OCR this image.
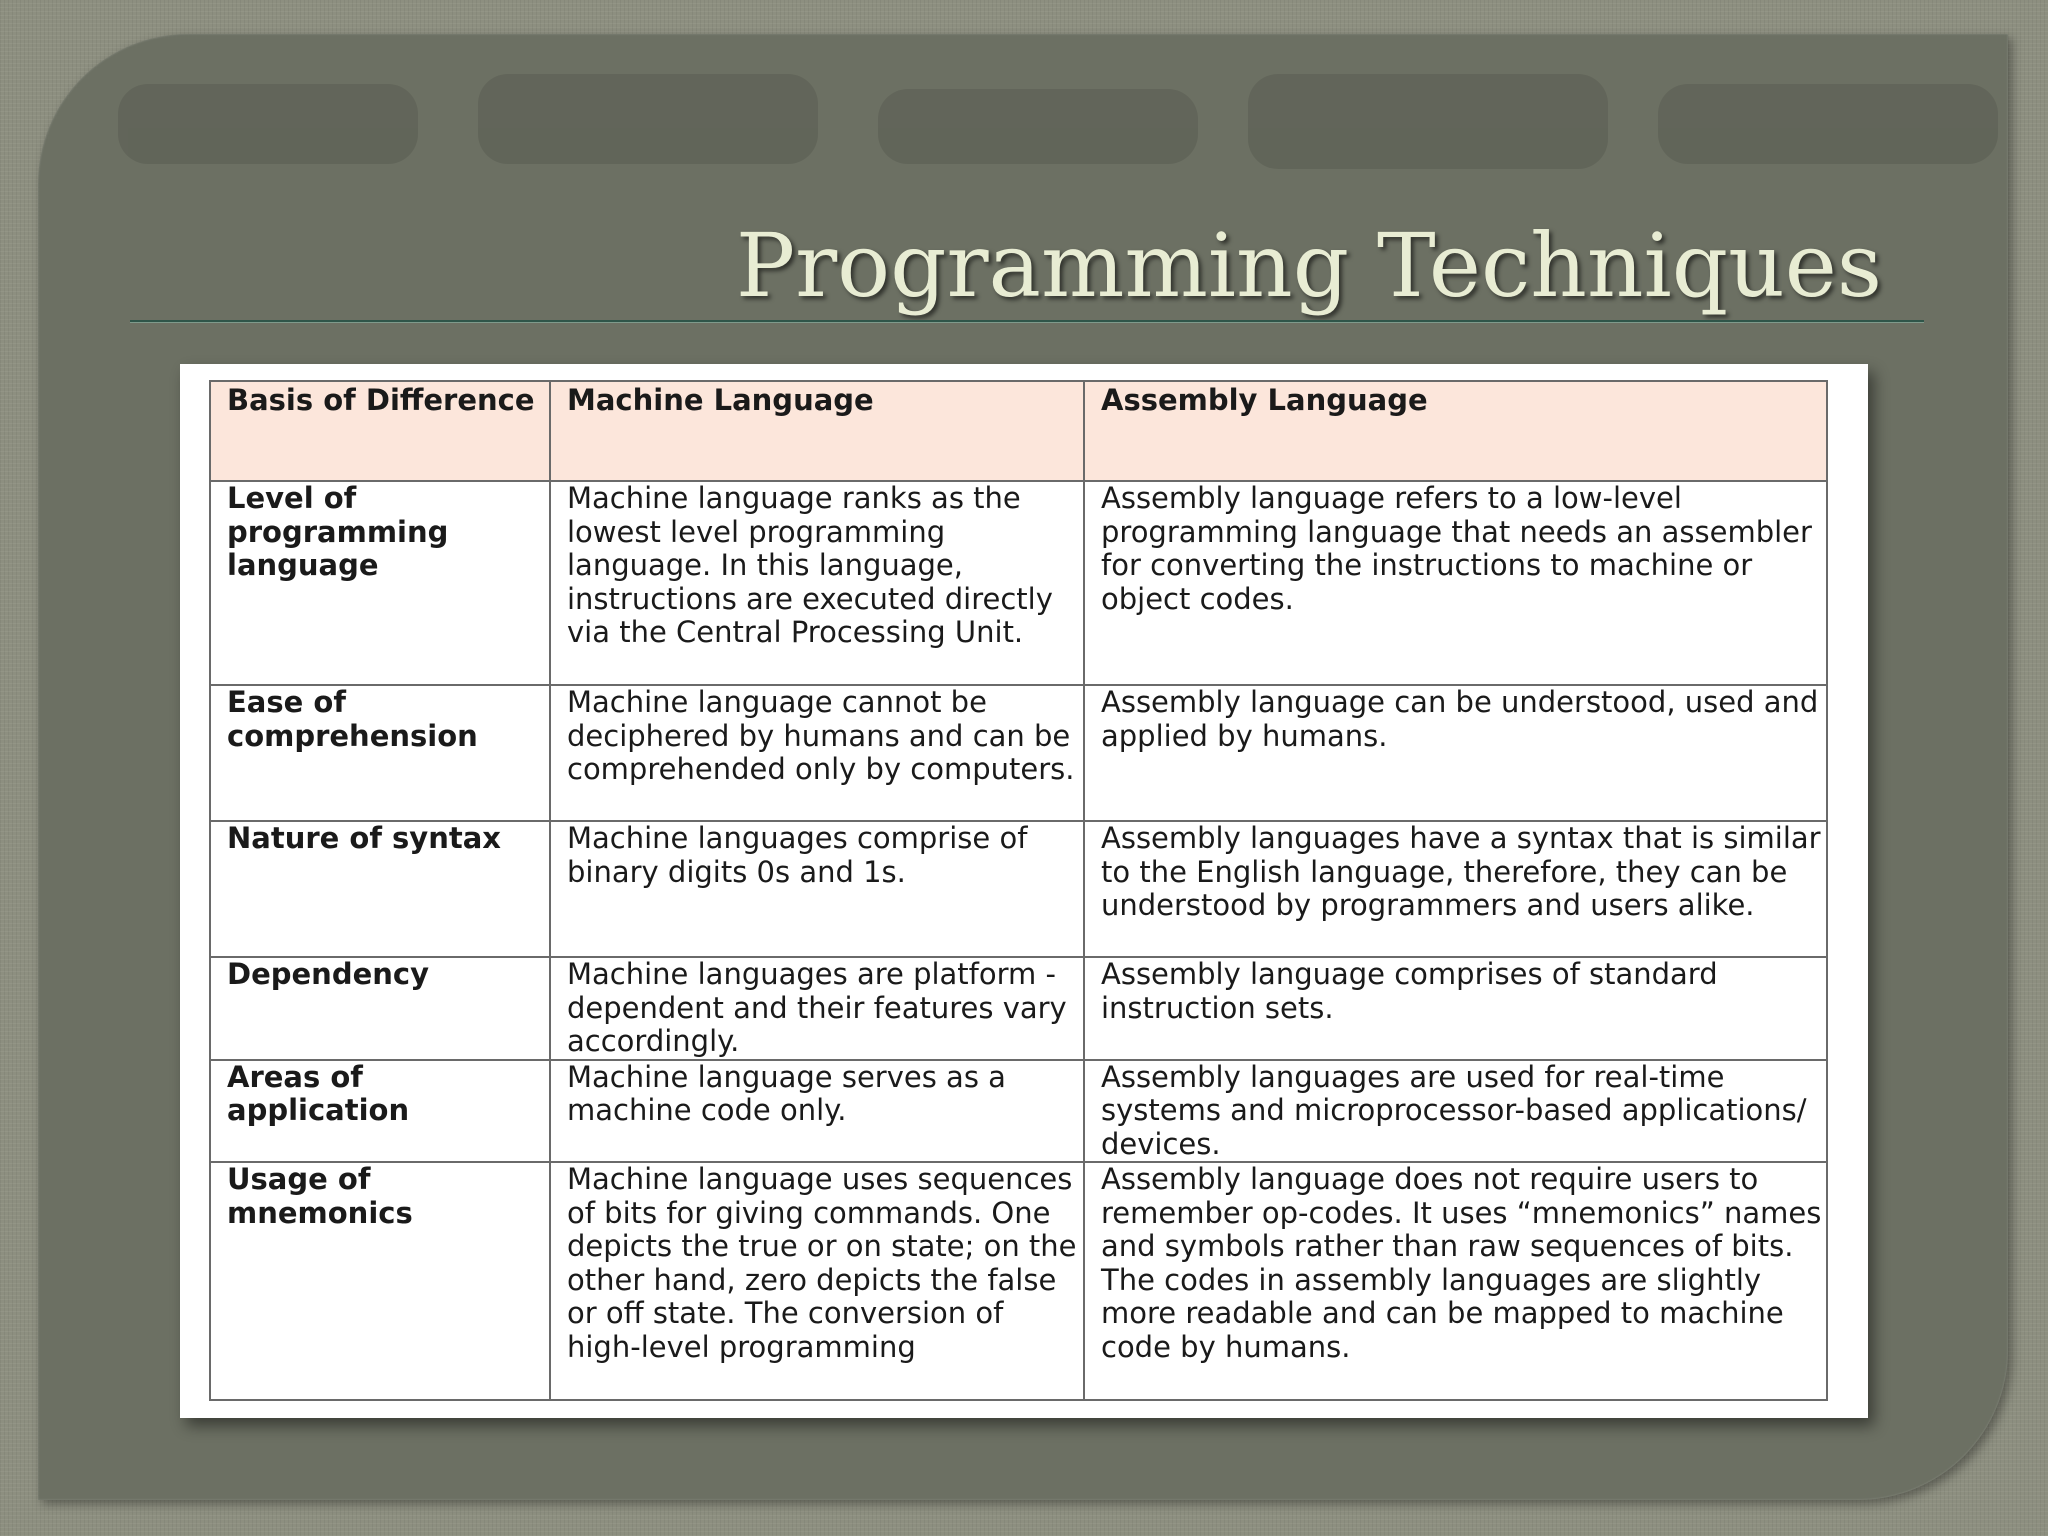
Programming Techniques
Basis of Difference	Machine Language	Assembly Language
Level of programming language	Machine language ranks as the lowest level programming language. In this language, instructions are executed directly via the Central Processing Unit.	Assembly language refers to a low-level programming language that needs an assembler for converting the instructions to machine or object codes.
Ease of comprehension	Machine language cannot be deciphered by humans and can be comprehended only by computers.	Assembly language can be understood, used and applied by humans.
Nature of syntax	Machine languages comprise of binary digits 0s and 1s.	Assembly languages have a syntax that is similar to the English language, therefore, they can be understood by programmers and users alike.
Dependency	Machine languages are platform -dependent and their features vary accordingly.	Assembly language comprises of standard instruction sets.
Areas of application	Machine language serves as a machine code only.	Assembly languages are used for real-time systems and microprocessor-based applications/ devices.
Usage of mnemonics	Machine language uses sequences of bits for giving commands. One depicts the true or on state; on the other hand, zero depicts the false or off state. The conversion of high-level programming	Assembly language does not require users to remember op-codes. It uses “mnemonics” names and symbols rather than raw sequences of bits. The codes in assembly languages are slightly more readable and can be mapped to machine code by humans.
